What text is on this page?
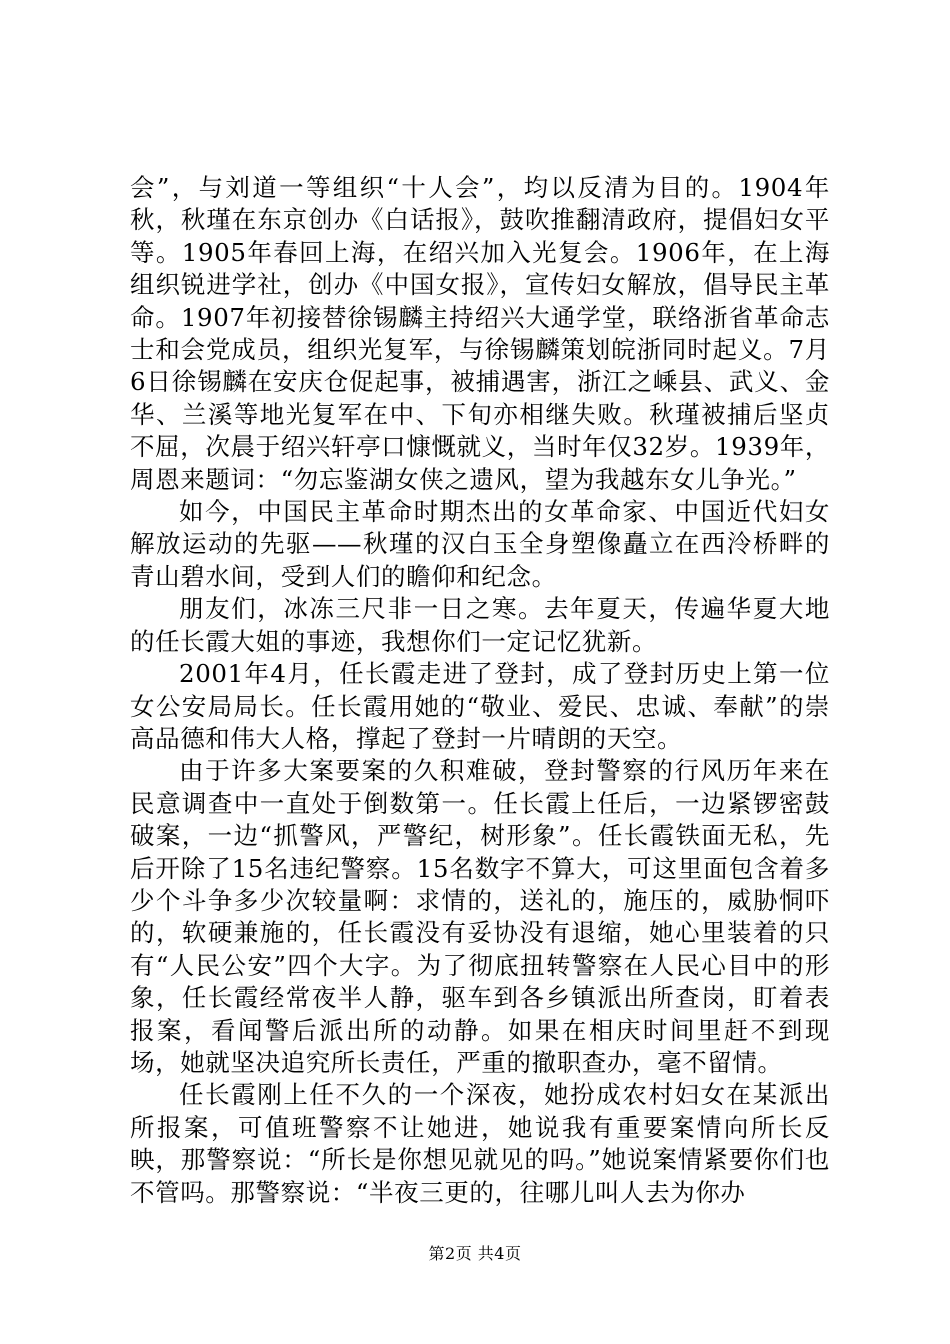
会”，与刘道一等组织“十人会”，均以反清为目的。1904年秋，秋瑾在东京创办《白话报》，鼓吹推翻清政府，提倡妇女平等。1905年春回上海，在绍兴加入光复会。1906年，在上海组织锐进学社，创办《中国女报》，宣传妇女解放，倡导民主革命。1907年初接替徐锡麟主持绍兴大通学堂，联络浙省革命志士和会党成员，组织光复军，与徐锡麟策划皖浙同时起义。7月6日徐锡麟在安庆仓促起事，被捕遇害，浙江之嵊县、武义、金华、兰溪等地光复军在中、下旬亦相继失败。秋瑾被捕后坚贞不屈，次晨于绍兴轩亭口慷慨就义，当时年仅32岁。1939年，周恩来题词：“勿忘鉴湖女侠之遗风，望为我越东女儿争光。”

如今，中国民主革命时期杰出的女革命家、中国近代妇女解放运动的先驱——秋瑾的汉白玉全身塑像矗立在西泠桥畔的青山碧水间，受到人们的瞻仰和纪念。

朋友们，冰冻三尺非一日之寒。去年夏天，传遍华夏大地的任长霞大姐的事迹，我想你们一定记忆犹新。

2001年4月，任长霞走进了登封，成了登封历史上第一位女公安局局长。任长霞用她的“敬业、爱民、忠诚、奉献”的崇高品德和伟大人格，撑起了登封一片晴朗的天空。

由于许多大案要案的久积难破，登封警察的行风历年来在民意调查中一直处于倒数第一。任长霞上任后，一边紧锣密鼓破案，一边“抓警风，严警纪，树形象”。任长霞铁面无私，先后开除了15名违纪警察。15名数字不算大，可这里面包含着多少个斗争多少次较量啊：求情的，送礼的，施压的，威胁恫吓的，软硬兼施的，任长霞没有妥协没有退缩，她心里装着的只有“人民公安”四个大字。为了彻底扭转警察在人民心目中的形象，任长霞经常夜半人静，驱车到各乡镇派出所查岗，盯着表报案，看闻警后派出所的动静。如果在相庆时间里赶不到现场，她就坚决追究所长责任，严重的撤职查办，毫不留情。

任长霞刚上任不久的一个深夜，她扮成农村妇女在某派出所报案，可值班警察不让她进，她说我有重要案情向所长反映，那警察说：“所长是你想见就见的吗。”她说案情紧要你们也不管吗。那警察说：“半夜三更的，往哪儿叫人去为你办

第2页 共4页
